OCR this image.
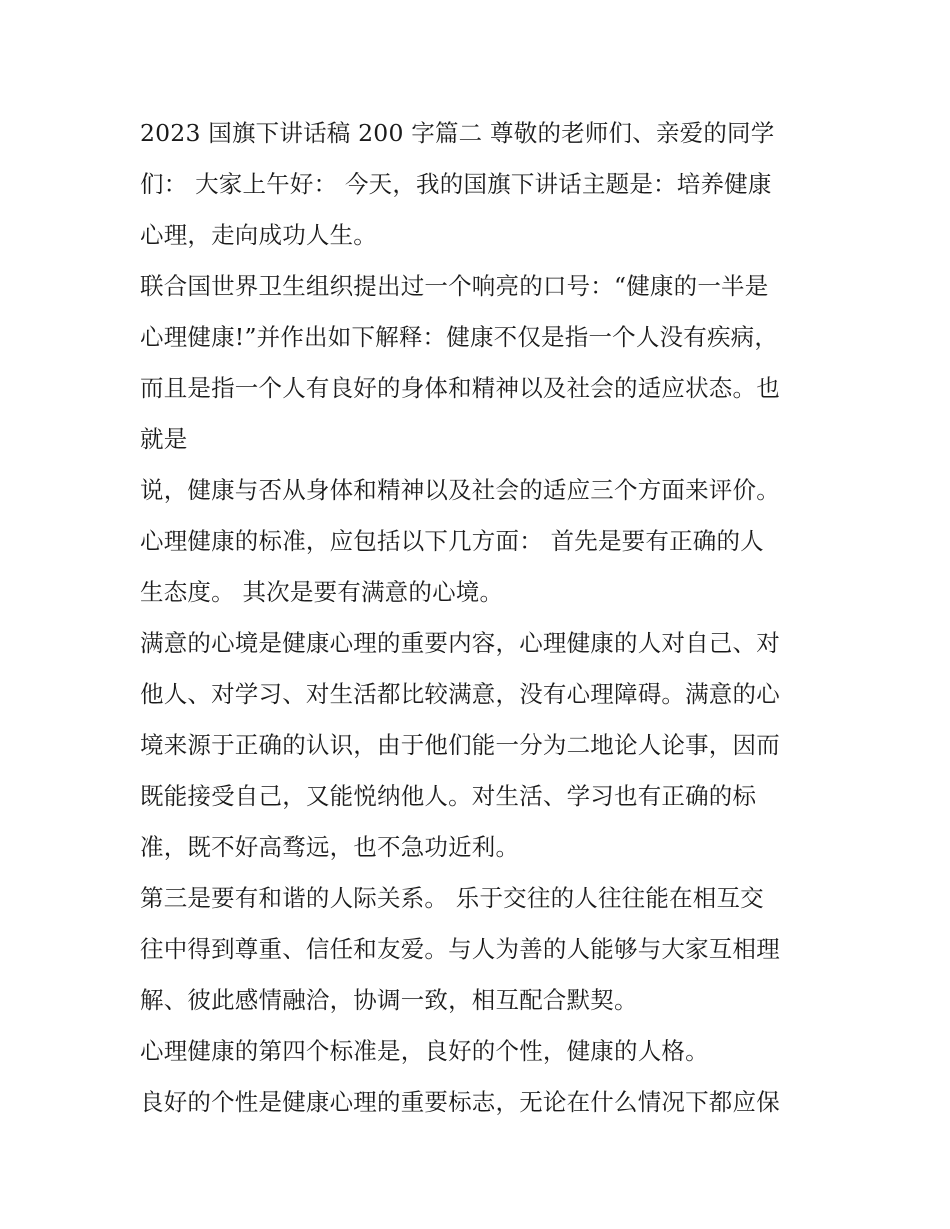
2023 国旗下讲话稿 200 字篇二 尊敬的老师们、亲爱的同学
们： 大家上午好： 今天，我的国旗下讲话主题是：培养健康
心理，走向成功人生。
联合国世界卫生组织提出过一个响亮的口号：“健康的一半是
心理健康!”并作出如下解释：健康不仅是指一个人没有疾病，
而且是指一个人有良好的身体和精神以及社会的适应状态。也
就是
说，健康与否从身体和精神以及社会的适应三个方面来评价。
心理健康的标准，应包括以下几方面： 首先是要有正确的人
生态度。 其次是要有满意的心境。
满意的心境是健康心理的重要内容，心理健康的人对自己、对
他人、对学习、对生活都比较满意，没有心理障碍。满意的心
境来源于正确的认识，由于他们能一分为二地论人论事，因而
既能接受自己，又能悦纳他人。对生活、学习也有正确的标
准，既不好高骛远，也不急功近利。
第三是要有和谐的人际关系。 乐于交往的人往往能在相互交
往中得到尊重、信任和友爱。与人为善的人能够与大家互相理
解、彼此感情融洽，协调一致，相互配合默契。
心理健康的第四个标准是，良好的个性，健康的人格。
良好的个性是健康心理的重要标志，无论在什么情况下都应保
